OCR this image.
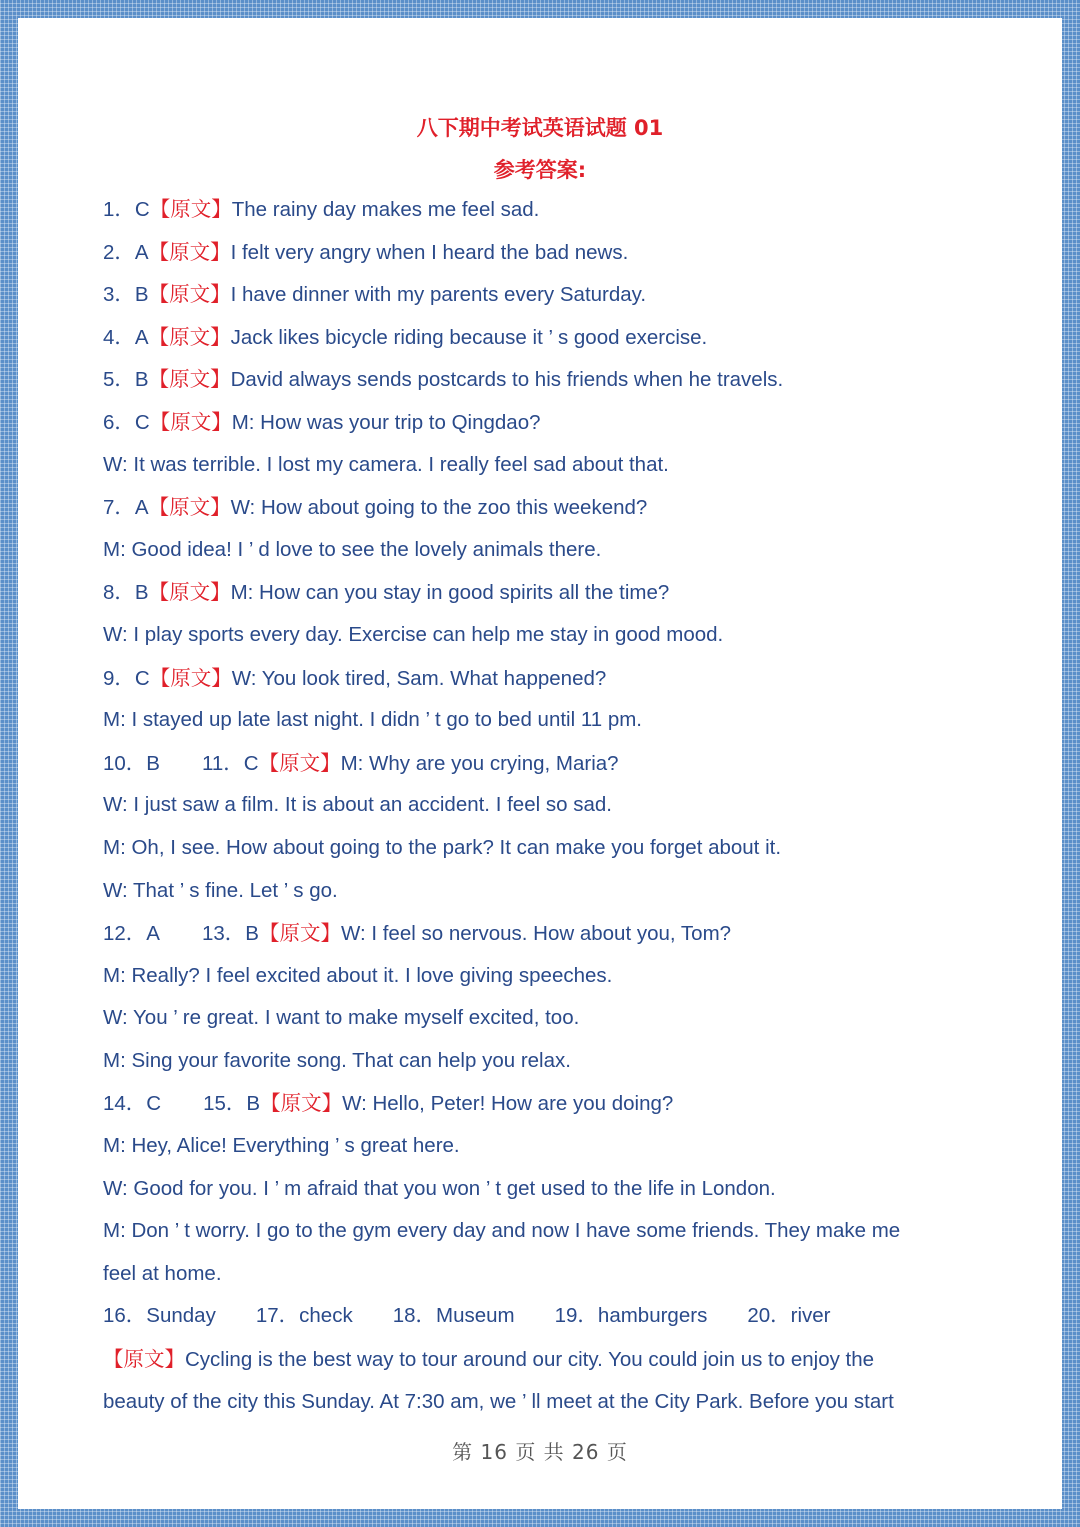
八下期中考试英语试题 01
参考答案:
1．C【原文】The rainy day makes me feel sad.
2．A【原文】I felt very angry when I heard the bad news.
3．B【原文】I have dinner with my parents every Saturday.
4．A【原文】Jack likes bicycle riding because it ’ s good exercise.
5．B【原文】David always sends postcards to his friends when he travels.
6．C【原文】M: How was your trip to Qingdao?
W: It was terrible. I lost my camera. I really feel sad about that.
7．A【原文】W: How about going to the zoo this weekend?
M: Good idea! I ’ d love to see the lovely animals there.
8．B【原文】M: How can you stay in good spirits all the time?
W: I play sports every day. Exercise can help me stay in good mood.
9．C【原文】W: You look tired, Sam. What happened?
M: I stayed up late last night. I didn ’ t go to bed until 11 pm.
10．B 11．C【原文】M: Why are you crying, Maria?
W: I just saw a film. It is about an accident. I feel so sad.
M: Oh, I see. How about going to the park? It can make you forget about it.
W: That ’ s fine. Let ’ s go.
12．A 13．B【原文】W: I feel so nervous. How about you, Tom?
M: Really? I feel excited about it. I love giving speeches.
W: You ’ re great. I want to make myself excited, too.
M: Sing your favorite song. That can help you relax.
14．C 15．B【原文】W: Hello, Peter! How are you doing?
M: Hey, Alice! Everything ’ s great here.
W: Good for you. I ’ m afraid that you won ’ t get used to the life in London.
M: Don ’ t worry. I go to the gym every day and now I have some friends. They make me
feel at home.
16．Sunday 17．check 18．Museum 19．hamburgers 20．river
【原文】Cycling is the best way to tour around our city. You could join us to enjoy the
beauty of the city this Sunday. At 7:30 am, we ’ ll meet at the City Park. Before you start
第 16 页 共 26 页
